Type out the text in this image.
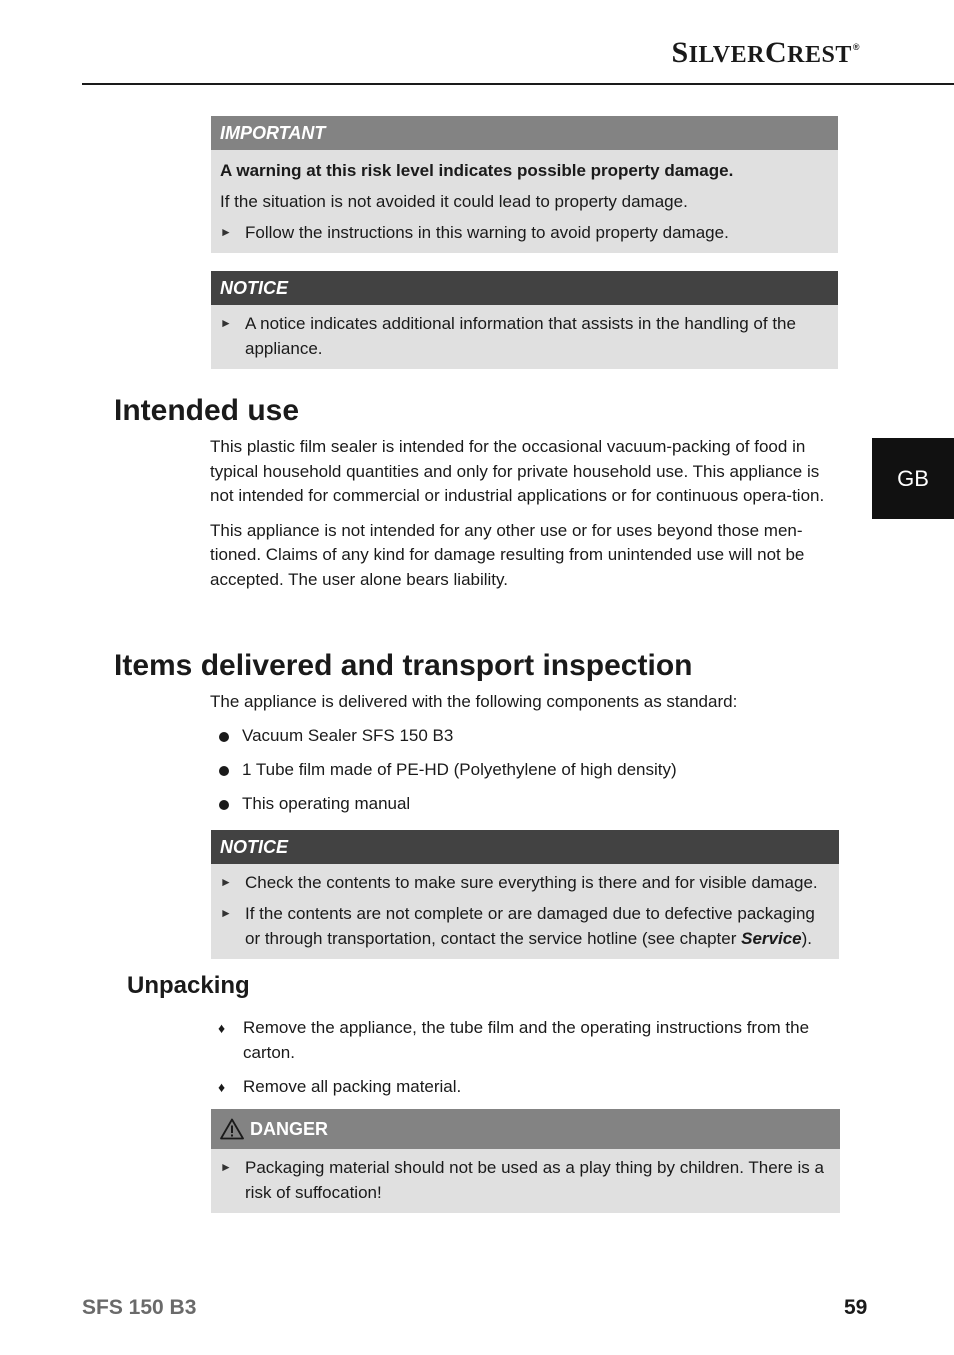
SILVERCREST®
GB
IMPORTANT
A warning at this risk level indicates possible property damage.

If the situation is not avoided it could lead to property damage.

► Follow the instructions in this warning to avoid property damage.
NOTICE
► A notice indicates additional information that assists in the handling of the appliance.
Intended use

This plastic film sealer is intended for the occasional vacuum-packing of food in typical household quantities and only for private household use. This appliance is not intended for commercial or industrial applications or for continuous opera-tion.

This appliance is not intended for any other use or for uses beyond those men-tioned. Claims of any kind for damage resulting from unintended use will not be accepted. The user alone bears liability.

Items delivered and transport inspection
The appliance is delivered with the following components as standard:
Vacuum Sealer SFS 150 B3
1 Tube film made of PE-HD (Polyethylene of high density)
This operating manual
NOTICE
► Check the contents to make sure everything is there and for visible damage.
► If the contents are not complete or are damaged due to defective packaging or through transportation, contact the service hotline (see chapter Service).
Unpacking
♦	Remove the appliance, the tube film and the operating instructions from the carton.
♦	Remove all packing material.
DANGER
► Packaging material should not be used as a play thing by children. There is a risk of suffocation!
SFS 150 B3	59
